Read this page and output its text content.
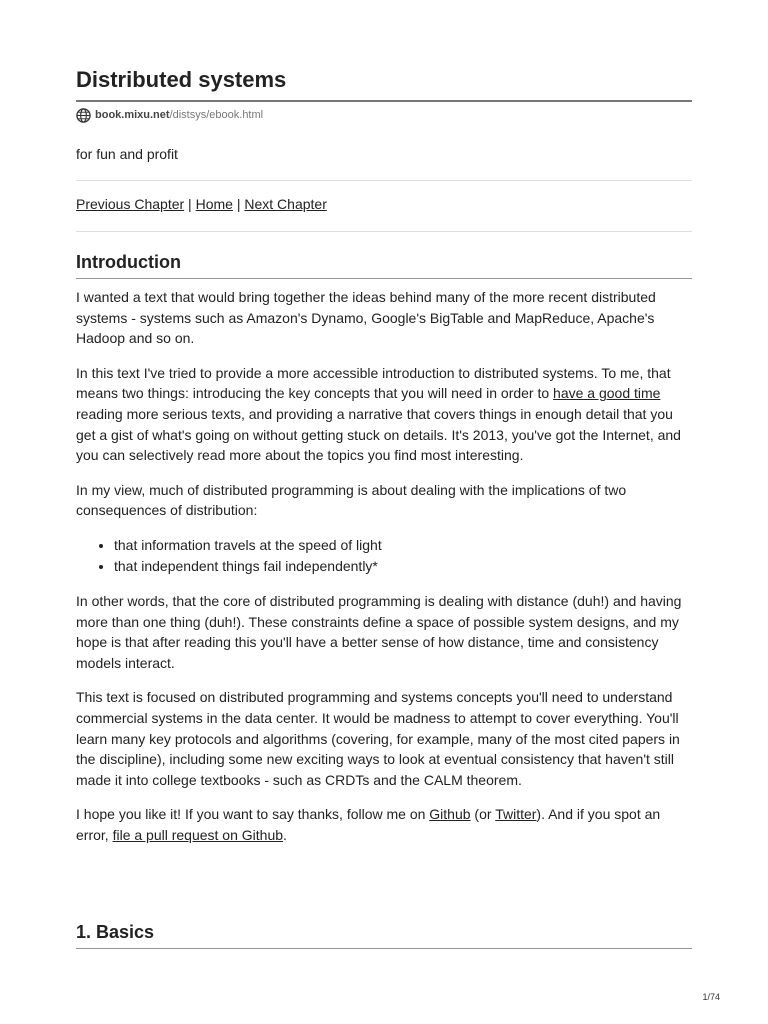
Distributed systems
book.mixu.net /distsys/ebook.html
for fun and profit
Previous Chapter | Home | Next Chapter
Introduction

I wanted a text that would bring together the ideas behind many of the more recent distributed systems - systems such as Amazon's Dynamo, Google's BigTable and MapReduce, Apache's Hadoop and so on.

In this text I've tried to provide a more accessible introduction to distributed systems. To me, that means two things: introducing the key concepts that you will need in order to have a good time reading more serious texts, and providing a narrative that covers things in enough detail that you get a gist of what's going on without getting stuck on details. It's 2013, you've got the Internet, and you can selectively read more about the topics you find most interesting.

In my view, much of distributed programming is about dealing with the implications of two consequences of distribution:

• that information travels at the speed of light
• that independent things fail independently*

In other words, that the core of distributed programming is dealing with distance (duh!) and having more than one thing (duh!). These constraints define a space of possible system designs, and my hope is that after reading this you'll have a better sense of how distance, time and consistency models interact.

This text is focused on distributed programming and systems concepts you'll need to understand commercial systems in the data center. It would be madness to attempt to cover everything. You'll learn many key protocols and algorithms (covering, for example, many of the most cited papers in the discipline), including some new exciting ways to look at eventual consistency that haven't still made it into college textbooks - such as CRDTs and the CALM theorem.

I hope you like it! If you want to say thanks, follow me on Github (or Twitter). And if you spot an error, file a pull request on Github.

1. Basics
1/74
